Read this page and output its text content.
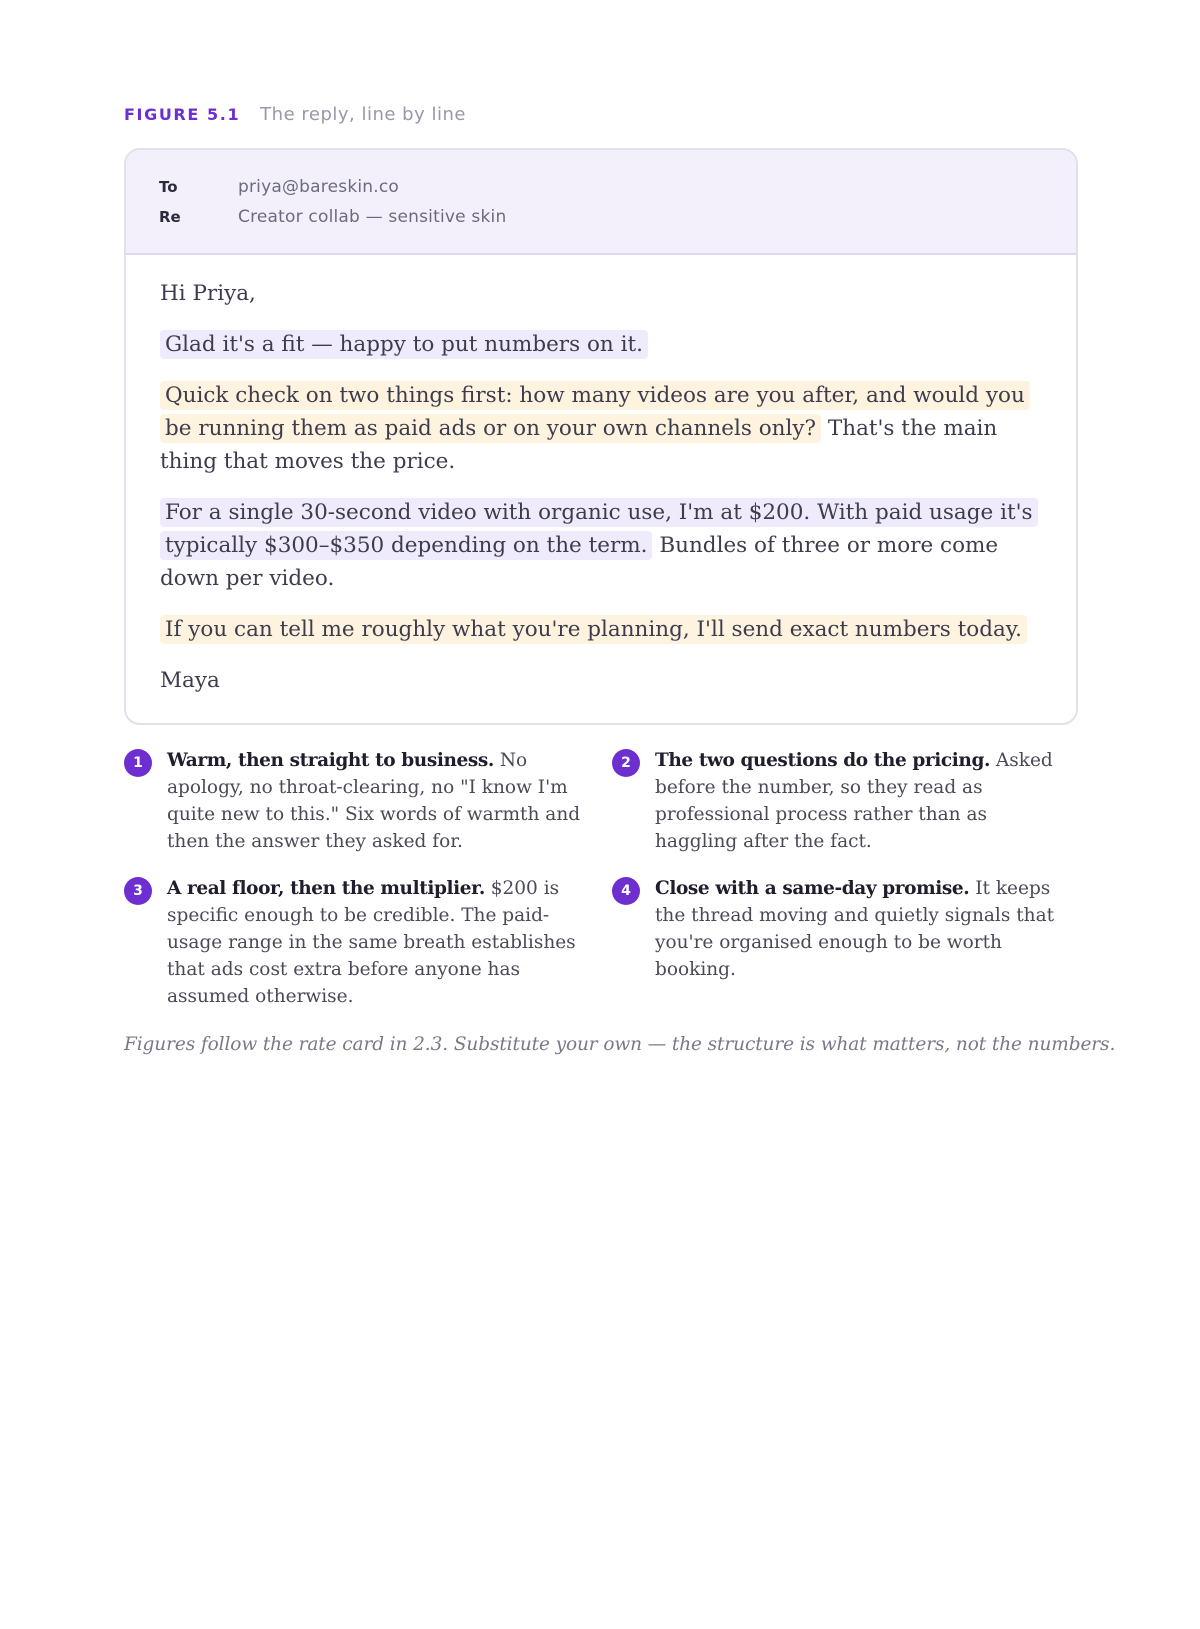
FIGURE 5.1 The reply, line by line
To	priya@bareskin.co
Re	Creator collab — sensitive skin

Hi Priya,

Glad it's a fit — happy to put numbers on it.

Quick check on two things first: how many videos are you after, and would you be running them as paid ads or on your own channels only? That's the main thing that moves the price.

For a single 30-second video with organic use, I'm at $200. With paid usage it's typically $300–$350 depending on the term. Bundles of three or more come down per video.

If you can tell me roughly what you're planning, I'll send exact numbers today.

Maya

1	Warm, then straight to business. No apology, no throat-clearing, no "I know I'm quite new to this." Six words of warmth and then the answer they asked for.
2	The two questions do the pricing. Asked before the number, so they read as professional process rather than as haggling after the fact.
3	A real floor, then the multiplier. $200 is specific enough to be credible. The paid-usage range in the same breath establishes that ads cost extra before anyone has assumed otherwise.
4	Close with a same-day promise. It keeps the thread moving and quietly signals that you're organised enough to be worth booking.
Figures follow the rate card in 2.3. Substitute your own — the structure is what matters, not the numbers.
